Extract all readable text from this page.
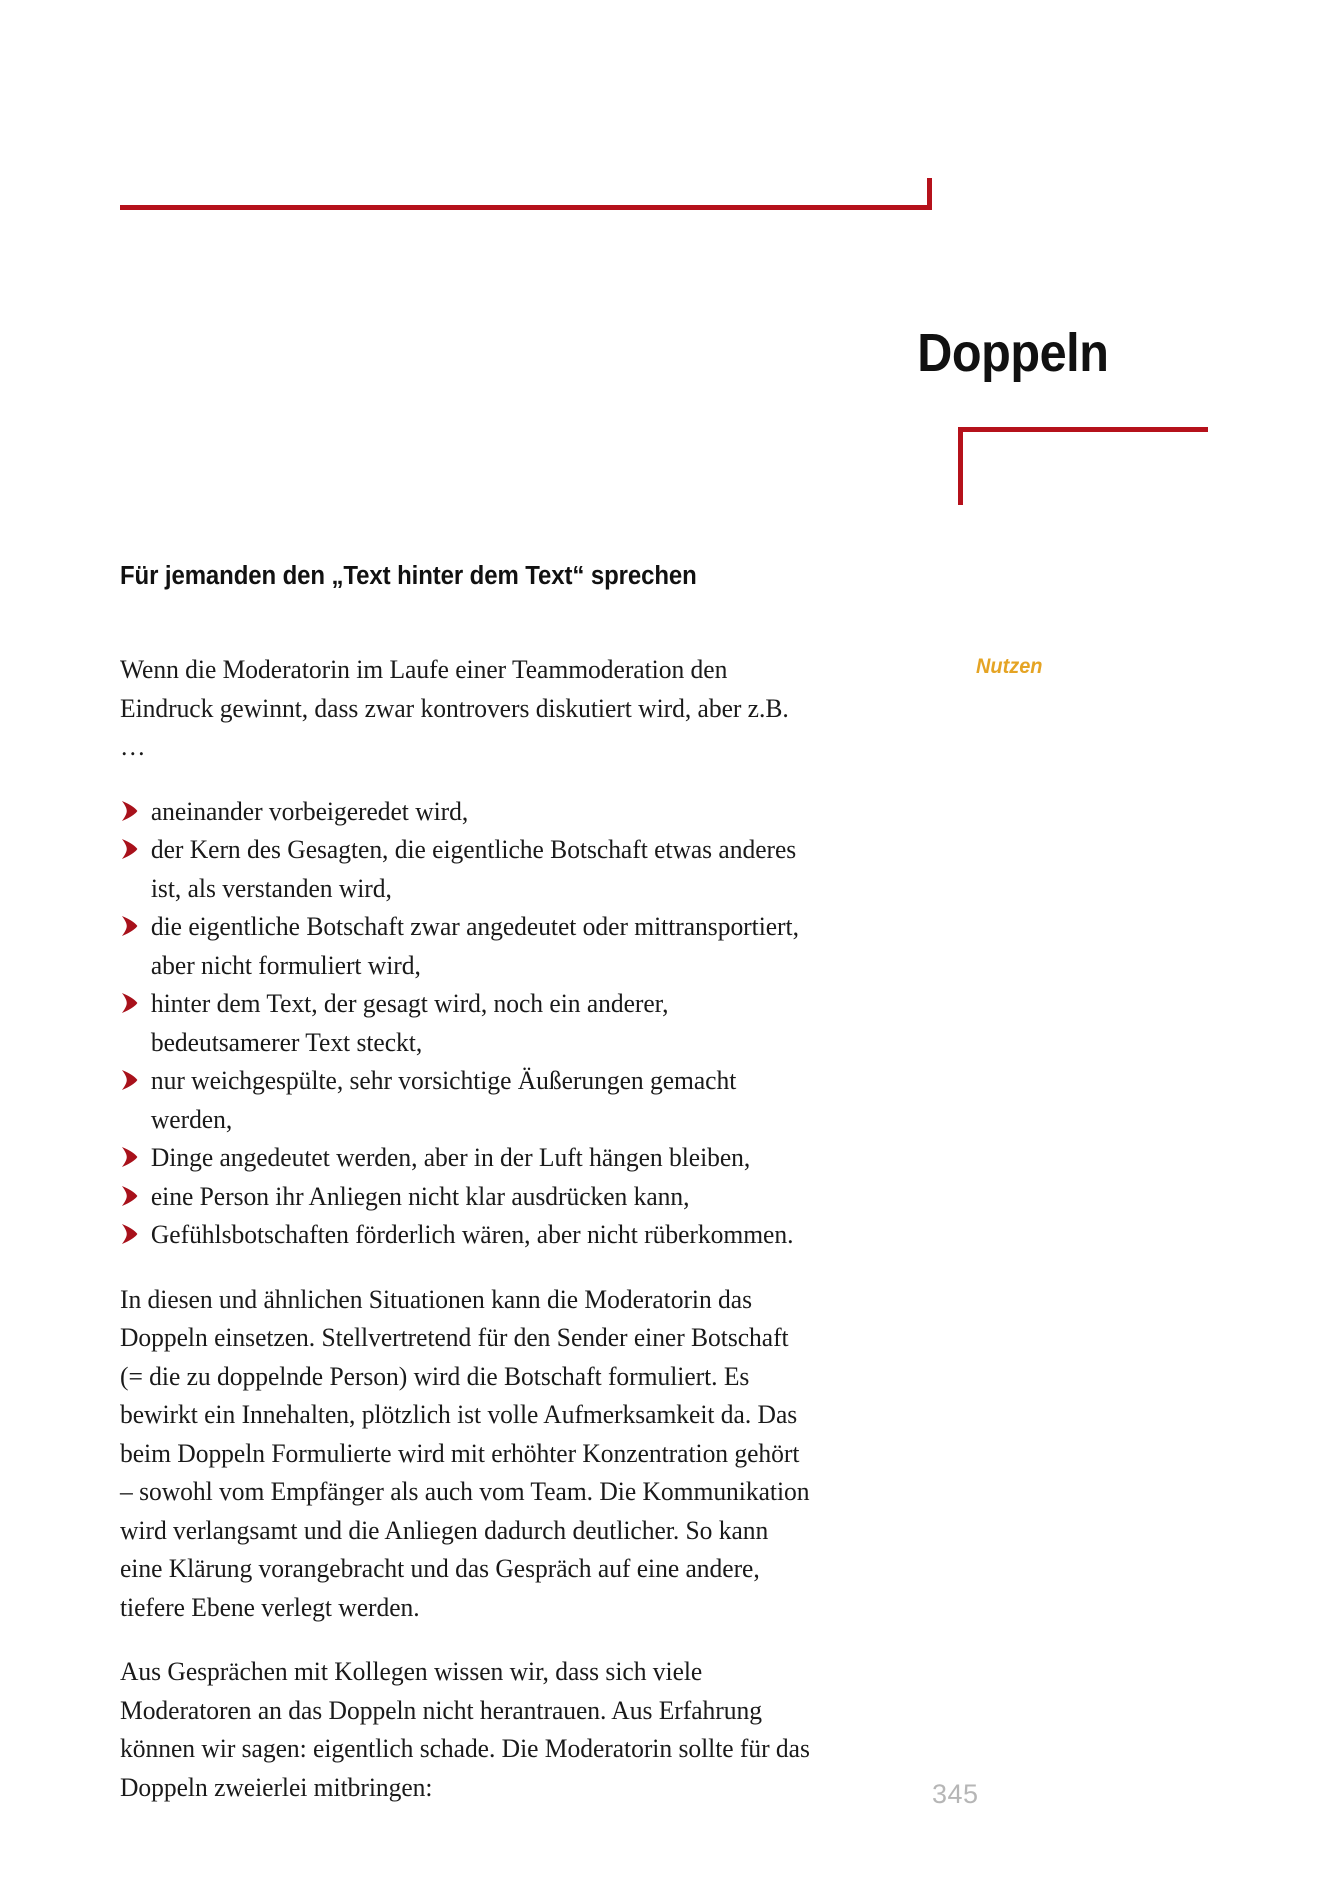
Doppeln
Für jemanden den „Text hinter dem Text“ sprechen
Nutzen

Wenn die Moderatorin im Laufe einer Teammoderation den Eindruck gewinnt, dass zwar kontrovers diskutiert wird, aber z.B. …

aneinander vorbeigeredet wird,
der Kern des Gesagten, die eigentliche Botschaft etwas anderes ist, als verstanden wird,
die eigentliche Botschaft zwar angedeutet oder mittransportiert, aber nicht formuliert wird,
hinter dem Text, der gesagt wird, noch ein anderer, bedeutsamerer Text steckt,
nur weichgespülte, sehr vorsichtige Äußerungen gemacht werden,
Dinge angedeutet werden, aber in der Luft hängen bleiben,
eine Person ihr Anliegen nicht klar ausdrücken kann,
Gefühlsbotschaften förderlich wären, aber nicht rüberkommen.

In diesen und ähnlichen Situationen kann die Moderatorin das Doppeln einsetzen. Stellvertretend für den Sender einer Botschaft (= die zu doppelnde Person) wird die Botschaft formuliert. Es bewirkt ein Innehalten, plötzlich ist volle Aufmerksamkeit da. Das beim Doppeln Formulierte wird mit erhöhter Konzentration gehört – sowohl vom Empfänger als auch vom Team. Die Kommunikation wird verlangsamt und die Anliegen dadurch deutlicher. So kann eine Klärung vorangebracht und das Gespräch auf eine andere, tiefere Ebene verlegt werden.

Aus Gesprächen mit Kollegen wissen wir, dass sich viele Moderatoren an das Doppeln nicht herantrauen. Aus Erfahrung können wir sagen: eigentlich schade. Die Moderatorin sollte für das Doppeln zweierlei mitbringen:	345
